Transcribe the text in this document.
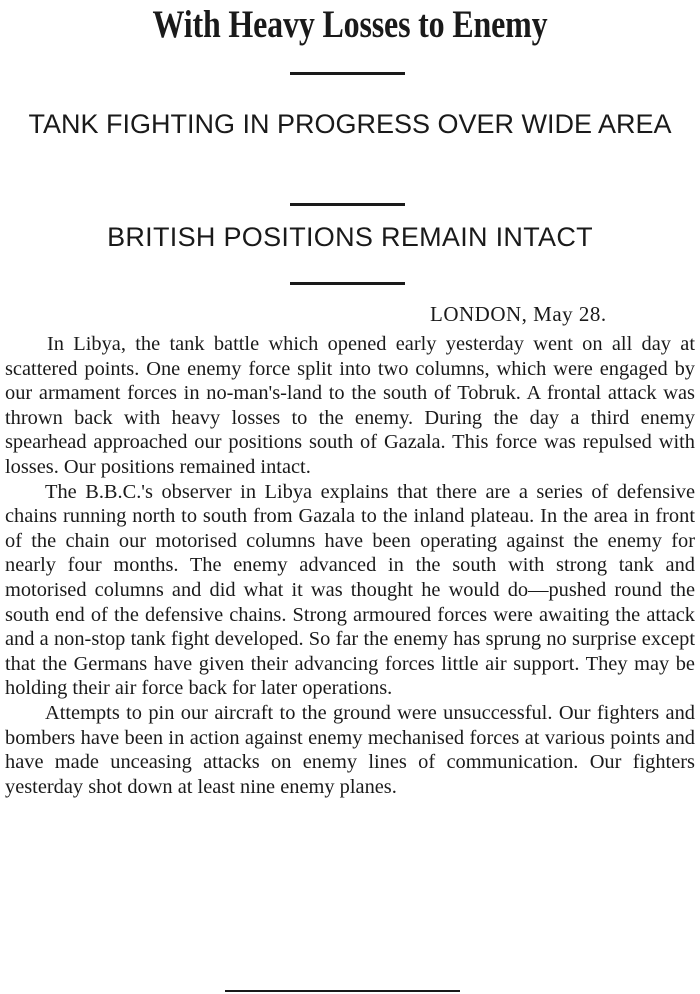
With Heavy Losses to Enemy
TANK FIGHTING IN PROGRESS OVER WIDE AREA
BRITISH POSITIONS REMAIN INTACT
LONDON, May 28.

In Libya, the tank battle which opened early yesterday went on all day at scattered points. One enemy force split into two columns, which were engaged by our armament forces in no-man's-land to the south of Tobruk. A frontal attack was thrown back with heavy losses to the enemy. During the day a third enemy spearhead approached our positions south of Gazala. This force was repulsed with losses. Our positions remained intact.

The B.B.C.'s observer in Libya explains that there are a series of defensive chains running north to south from Gazala to the inland plateau. In the area in front of the chain our motorised columns have been operating against the enemy for nearly four months. The enemy advanced in the south with strong tank and motorised columns and did what it was thought he would do—pushed round the south end of the defensive chains. Strong armoured forces were awaiting the attack and a non-stop tank fight developed. So far the enemy has sprung no surprise except that the Germans have given their advancing forces little air support. They may be holding their air force back for later operations.

Attempts to pin our aircraft to the ground were unsuccessful. Our fighters and bombers have been in action against enemy mechanised forces at various points and have made unceasing attacks on enemy lines of communication. Our fighters yesterday shot down at least nine enemy planes.
